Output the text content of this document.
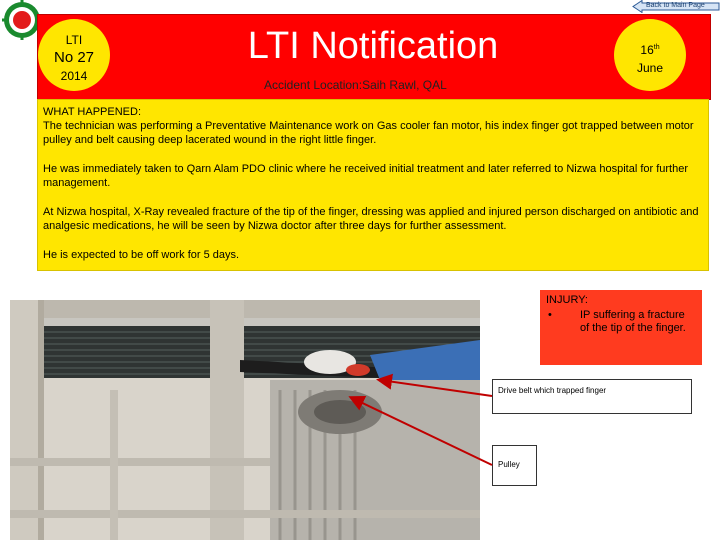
Back to Main Page
LTI
No 27
2014
LTI Notification
Accident Location:Saih Rawl, QAL
16th
June

WHAT HAPPENED:

The technician was performing a Preventative Maintenance work on Gas cooler fan motor, his index finger got trapped between motor pulley and belt causing deep lacerated wound in the right little finger.

He was immediately taken to Qarn Alam PDO clinic where he received initial treatment and later referred to Nizwa hospital for further management.

At Nizwa hospital, X-Ray revealed fracture of the tip of the finger, dressing was applied and injured person discharged on antibiotic and analgesic medications, he will be seen by Nizwa doctor after three days for further assessment.

He is expected to be off work for 5 days.

INJURY:
•	IP suffering a fracture of the tip of the finger.
Drive belt which trapped finger
Pulley
